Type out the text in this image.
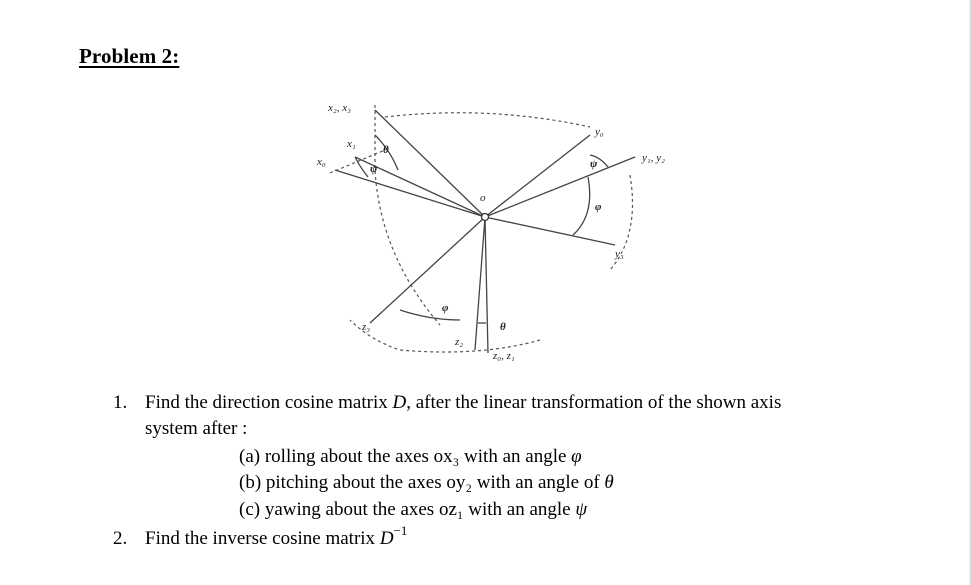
Problem 2:
x₂, x₃
x₁
x₀
θ
ψ
o
y₀
y₁, y₂
ψ
φ
y₃
z₃
φ
θ
z₂
z₀, z₁
1. Find the direction cosine matrix D, after the linear transformation of the shown axis
system after :
(a) rolling about the axes ox₃ with an angle φ
(b) pitching about the axes oy₂ with an angle of θ
(c) yawing about the axes oz₁ with an angle ψ
2. Find the inverse cosine matrix $D^{-1}$
